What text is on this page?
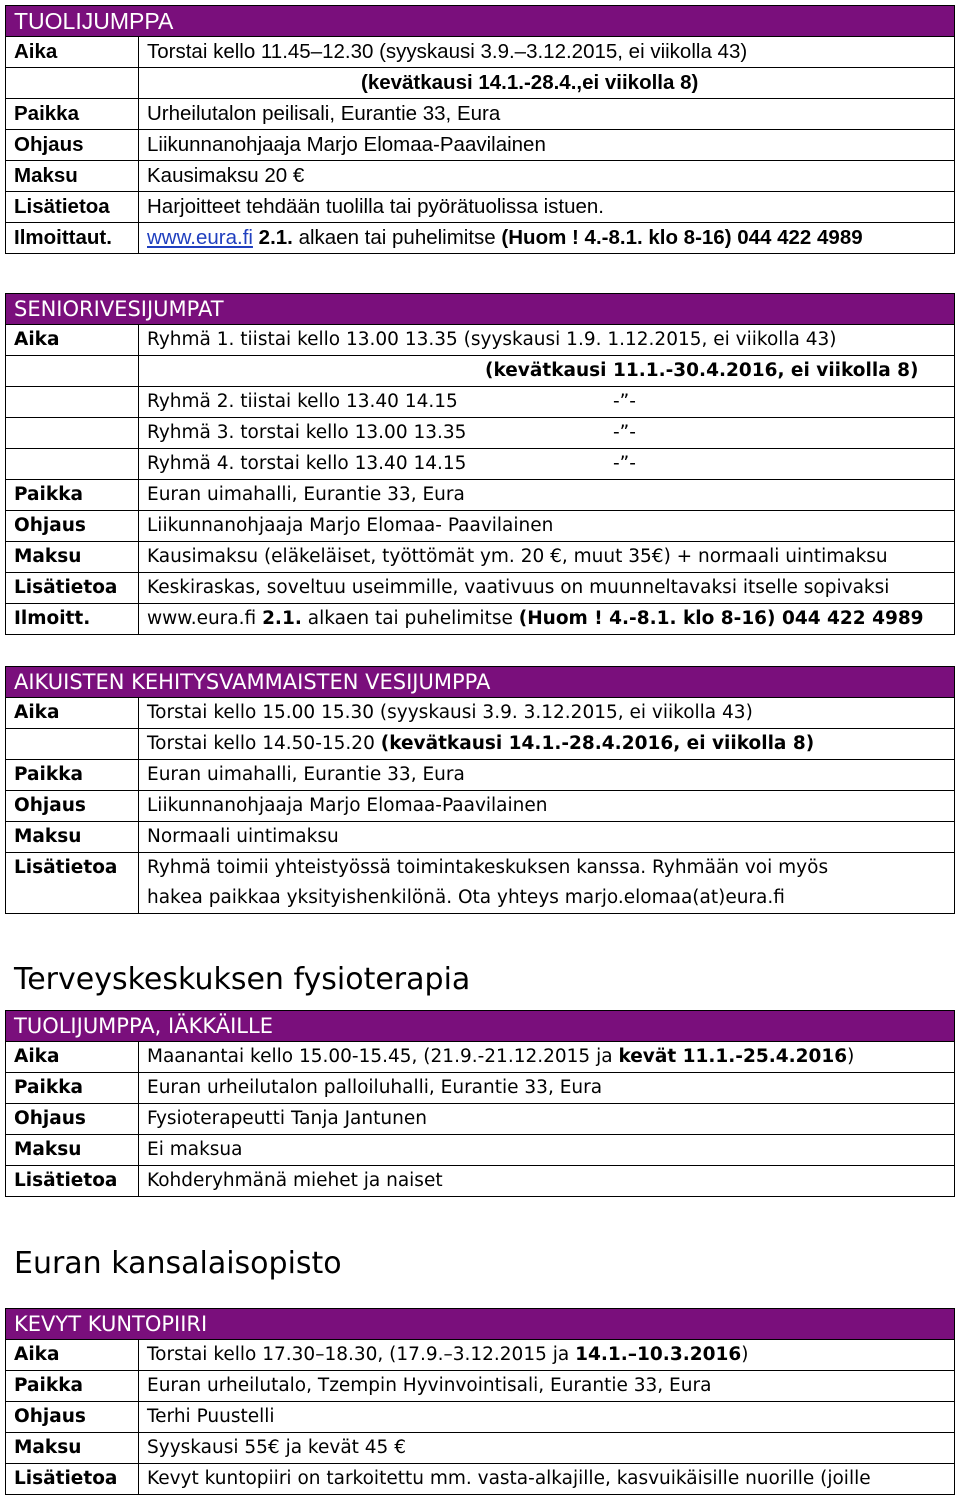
TUOLIJUMPPA	
Aika	Torstai kello 11.45–12.30 (syyskausi 3.9.–3.12.2015, ei viikolla 43)
	(kevätkausi 14.1.-28.4.,ei viikolla 8)
Paikka	Urheilutalon peilisali, Eurantie 33, Eura
Ohjaus	Liikunnanohjaaja Marjo Elomaa-Paavilainen
Maksu	Kausimaksu 20 €
Lisätietoa	Harjoitteet tehdään tuolilla tai pyörätuolissa istuen.
Ilmoittaut.	www.eura.fi 2.1. alkaen tai puhelimitse (Huom ! 4.-8.1. klo 8-16) 044 422 4989
SENIORIVESIJUMPAT	
Aika	Ryhmä 1. tiistai kello 13.00 13.35 (syyskausi 1.9. 1.12.2015, ei viikolla 43)
	(kevätkausi 11.1.-30.4.2016, ei viikolla 8)
	Ryhmä 2. tiistai kello 13.40 14.15 -”-
	Ryhmä 3. torstai kello 13.00 13.35 -”-
	Ryhmä 4. torstai kello 13.40 14.15 -”-
Paikka	Euran uimahalli, Eurantie 33, Eura
Ohjaus	Liikunnanohjaaja Marjo Elomaa- Paavilainen
Maksu	Kausimaksu (eläkeläiset, työttömät ym. 20 €, muut 35€) + normaali uintimaksu
Lisätietoa	Keskiraskas, soveltuu useimmille, vaativuus on muunneltavaksi itselle sopivaksi
Ilmoitt.	www.eura.fi 2.1. alkaen tai puhelimitse (Huom ! 4.-8.1. klo 8-16) 044 422 4989
AIKUISTEN KEHITYSVAMMAISTEN VESIJUMPPA	
Aika	Torstai kello 15.00 15.30 (syyskausi 3.9. 3.12.2015, ei viikolla 43)
	Torstai kello 14.50-15.20 (kevätkausi 14.1.-28.4.2016, ei viikolla 8)
Paikka	Euran uimahalli, Eurantie 33, Eura
Ohjaus	Liikunnanohjaaja Marjo Elomaa-Paavilainen
Maksu	Normaali uintimaksu
Lisätietoa	Ryhmä toimii yhteistyössä toimintakeskuksen kanssa. Ryhmään voi myös
hakea paikkaa yksityishenkilönä. Ota yhteys marjo.elomaa(at)eura.fi
Terveyskeskuksen fysioterapia
TUOLIJUMPPA, IÄKKÄILLE	
Aika	Maanantai kello 15.00-15.45, (21.9.-21.12.2015 ja kevät 11.1.-25.4.2016)
Paikka	Euran urheilutalon palloiluhalli, Eurantie 33, Eura
Ohjaus	Fysioterapeutti Tanja Jantunen
Maksu	Ei maksua
Lisätietoa	Kohderyhmänä miehet ja naiset
Euran kansalaisopisto
KEVYT KUNTOPIIRI	
Aika	Torstai kello 17.30–18.30, (17.9.–3.12.2015 ja 14.1.–10.3.2016)
Paikka	Euran urheilutalo, Tzempin Hyvinvointisali, Eurantie 33, Eura
Ohjaus	Terhi Puustelli
Maksu	Syyskausi 55€ ja kevät 45 €
Lisätietoa	Kevyt kuntopiiri on tarkoitettu mm. vasta-alkajille, kasvuikäisille nuorille (joille
